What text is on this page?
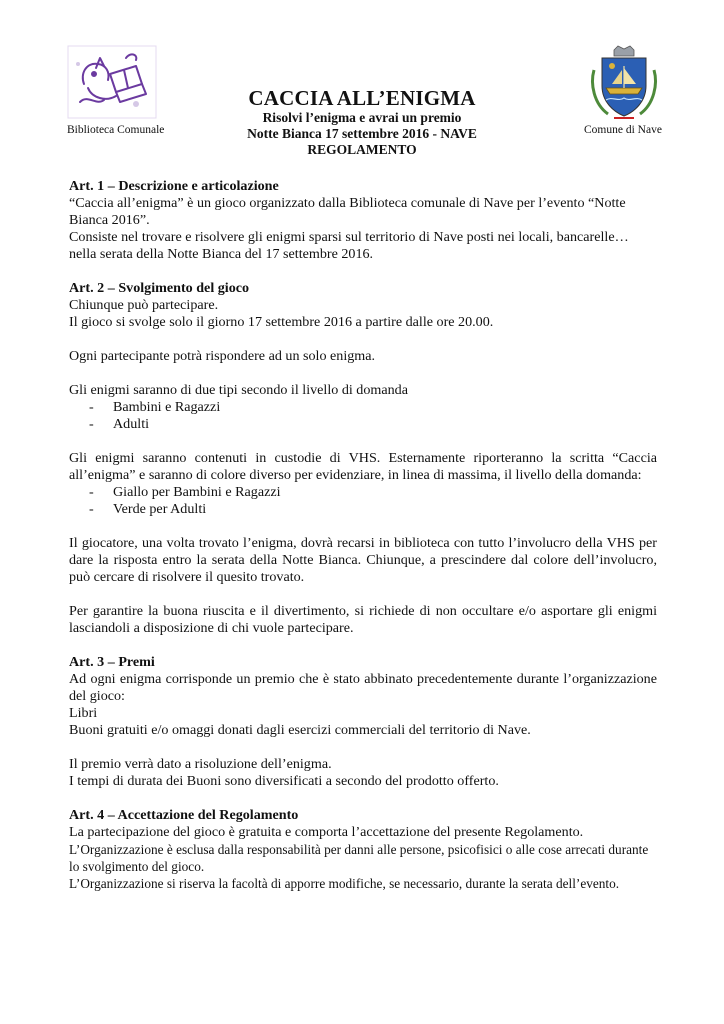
Biblioteca Comunale	Comune di Nave
CACCIA ALL’ENIGMA
Risolvi l’enigma e avrai un premio
Notte Bianca 17 settembre 2016 - NAVE
REGOLAMENTO

Art. 1 – Descrizione e articolazione

“Caccia all’enigma” è un gioco organizzato dalla Biblioteca comunale di Nave per l’evento “Notte Bianca 2016”.

Consiste nel trovare e risolvere gli enigmi sparsi sul territorio di Nave posti nei locali, bancarelle… nella serata della Notte Bianca del 17 settembre 2016.

Art. 2 – Svolgimento del gioco

Chiunque può partecipare.

Il gioco si svolge solo il giorno 17 settembre 2016 a partire dalle ore 20.00.

Ogni partecipante potrà rispondere ad un solo enigma.

Gli enigmi saranno di due tipi secondo il livello di domanda

- Bambini e Ragazzi
- Adulti

Gli enigmi saranno contenuti in custodie di VHS. Esternamente riporteranno la scritta “Caccia all’enigma” e saranno di colore diverso per evidenziare, in linea di massima, il livello della domanda:

- Giallo per Bambini e Ragazzi
- Verde per Adulti

Il giocatore, una volta trovato l’enigma, dovrà recarsi in biblioteca con tutto l’involucro della VHS per dare la risposta entro la serata della Notte Bianca. Chiunque, a prescindere dal colore dell’involucro, può cercare di risolvere il quesito trovato.

Per garantire la buona riuscita e il divertimento, si richiede di non occultare e/o asportare gli enigmi lasciandoli a disposizione di chi vuole partecipare.

Art. 3 – Premi

Ad ogni enigma corrisponde un premio che è stato abbinato precedentemente durante l’organizzazione del gioco:

Libri

Buoni gratuiti e/o omaggi donati dagli esercizi commerciali del territorio di Nave.

Il premio verrà dato a risoluzione dell’enigma.

I tempi di durata dei Buoni sono diversificati a secondo del prodotto offerto.

Art. 4 – Accettazione del Regolamento

La partecipazione del gioco è gratuita e comporta l’accettazione del presente Regolamento.

L’Organizzazione è esclusa dalla responsabilità per danni alle persone, psicofisici o alle cose arrecati durante lo svolgimento del gioco.

L’Organizzazione si riserva la facoltà di apporre modifiche, se necessario, durante la serata dell’evento.
